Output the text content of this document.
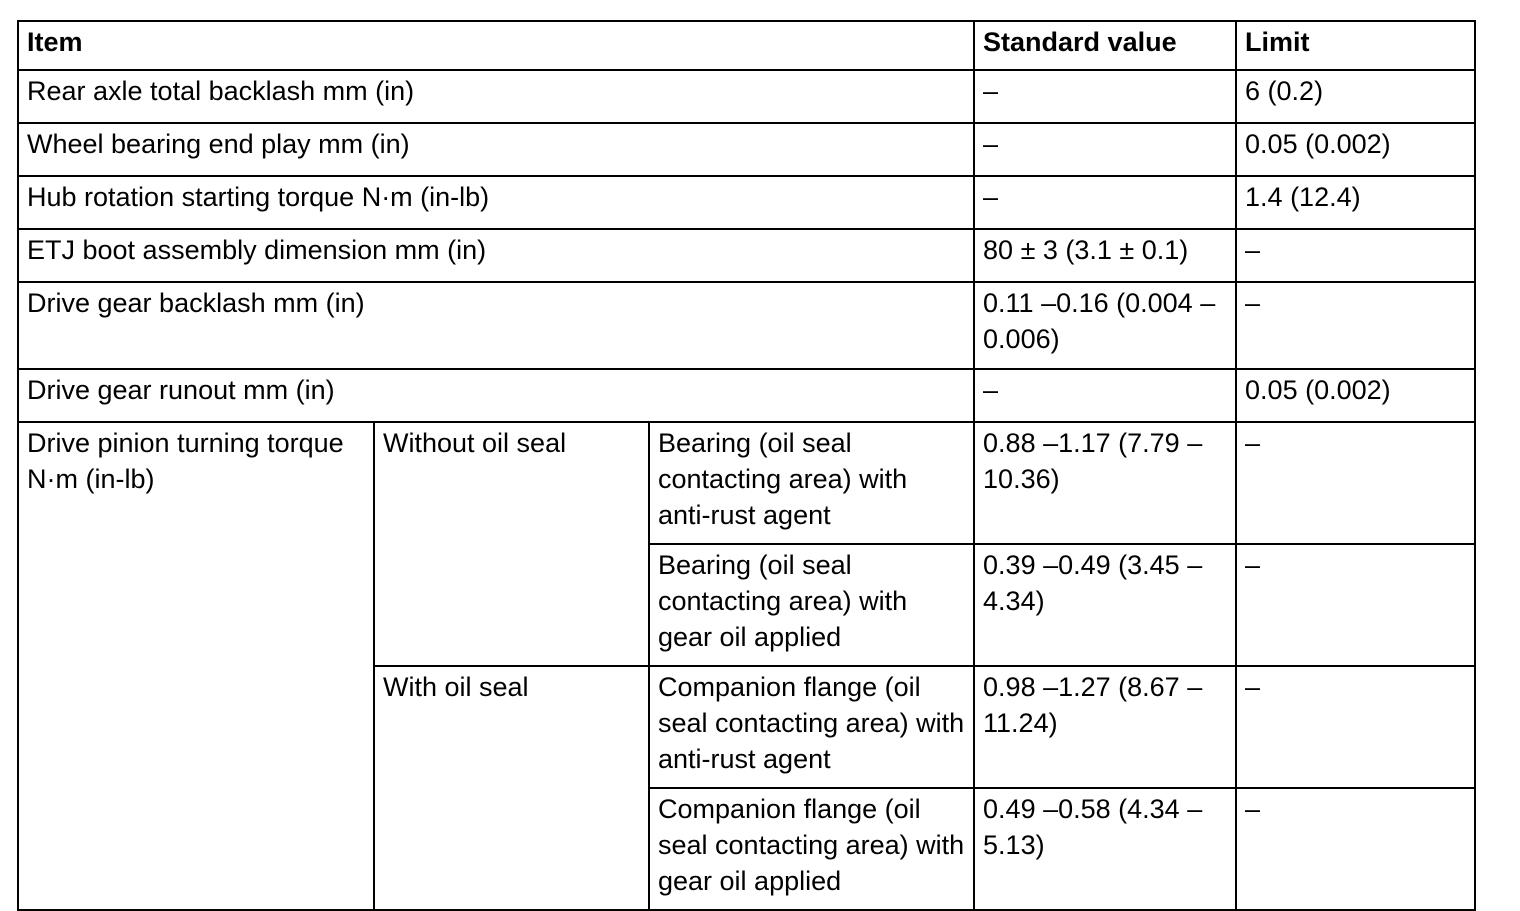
Item			Standard value	Limit
Rear axle total backlash mm (in)			–	6 (0.2)
Wheel bearing end play mm (in)			–	0.05 (0.002)
Hub rotation starting torque N·m (in-lb)			–	1.4 (12.4)
ETJ boot assembly dimension mm (in)			80 ± 3 (3.1 ± 0.1)	–
Drive gear backlash mm (in)			0.11 –0.16 (0.004 – 0.006)	–
Drive gear runout mm (in)			–	0.05 (0.002)
Drive pinion turning torque N·m (in-lb)	Without oil seal	Bearing (oil seal contacting area) with anti-rust agent	0.88 –1.17 (7.79 – 10.36)	–
		Bearing (oil seal contacting area) with gear oil applied	0.39 –0.49 (3.45 – 4.34)	–
	With oil seal	Companion flange (oil seal contacting area) with anti-rust agent	0.98 –1.27 (8.67 – 11.24)	–
		Companion flange (oil seal contacting area) with gear oil applied	0.49 –0.58 (4.34 – 5.13)	–
